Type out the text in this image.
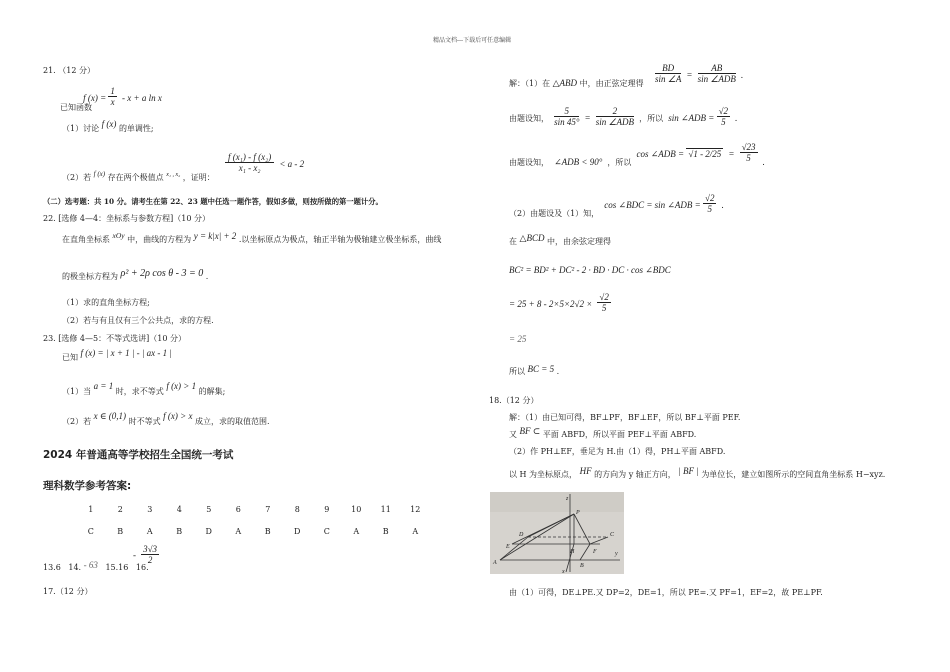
精品文档---下载后可任意编辑
21. （12 分）
$_{已知函数}$ $_{f (x) =} \frac{1}{x} _{- x + a ln x}$
（1）讨论 f (x) 的单调性;
（2）若 f (x) 存在两个极值点 $^{x_1 , x_2}$ ，证明：
$\frac{\text{f (x₁) - f (x₂)}}{\text{x₁ - x₂}} < a - 2$
（二）选考题：共 10 分。请考生在第 22、23 题中任选一题作答，假如多做，则按所做的第一题计分。
22. [选修 4—4：坐标系与参数方程]（10 分）
在直角坐标系 xOy 中，曲线的方程为 y = k|x| + 2 .以坐标原点为极点，轴正半轴为极轴建立极坐标系，曲线
的极坐标方程为 ρ² + 2ρ cos θ - 3 = 0 .
（1）求的直角坐标方程;
（2）若与有且仅有三个公共点，求的方程.
23. [选修 4—5：不等式选讲]（10 分）
已知 f (x) = | x + 1 | - | ax - 1 |
（1）当 a = 1 时，求不等式 f (x) > 1 的解集;
（2）若 x ∈ (0,1) 时不等式 f (x) > x 成立，求的取值范围.
2024 年普通高等学校招生全国统一考试
理科数学参考答案:
1	2	3	4	5	6	7	8	9	10	11	12
C	B	A	B	D	A	B	D	C	A	B	A
13.6 14. - 63 15.16 16.
- $\frac{3√3}{2}$
17.（12 分）
解：（1）在 △ABD 中，由正弦定理得 $\frac{BD}{\sin \angle A} = \frac{AB}{\text{sin ∠ADB}}$ .
由题设知， $\frac{5}{\sin 45^\circ} = \frac{2}{\text{sin ∠ADB}}$ ，所以 sin ∠ADB = $\frac{√2}{5}$ .
由题设知， ∠ADB < 90° ，所以 $^{cos \angle ADB =}$ $^{√1 - 2/25}$ $^= \frac{√23}{5}$ .
$_{(2)由题设及(1)知,}$ cos ∠BDC = sin ∠ADB = $\frac{√2}{5}$ .
在 △BCD 中，由余弦定理得
BC² = BD² + DC² - 2 · BD · DC · cos ∠BDC
= $25 + 8 - 2\times 5\times 2√2 \times \frac{√2}{5}$
= 25
所以 BC = 5 .
18.（12 分）
解：（1）由已知可得，BF⊥PF，BF⊥EF，所以 BF⊥平面 PEF.
又 BF ⊂ 平面 ABFD，所以平面 PEF⊥平面 ABFD.
（2）作 PH⊥EF，垂足为 H.由（1）得，PH⊥平面 ABFD.
以 H 为坐标原点， HF 的方向为 y 轴正方向， | BF | 为单位长，建立如图所示的空间直角坐标系 H−xyz.
z
P
D
E
H	F
C
A	B
y
x
由（1）可得，DE⊥PE.又 DP=2，DE=1，所以 PE=.又 PF=1，EF=2，故 PE⊥PF.
